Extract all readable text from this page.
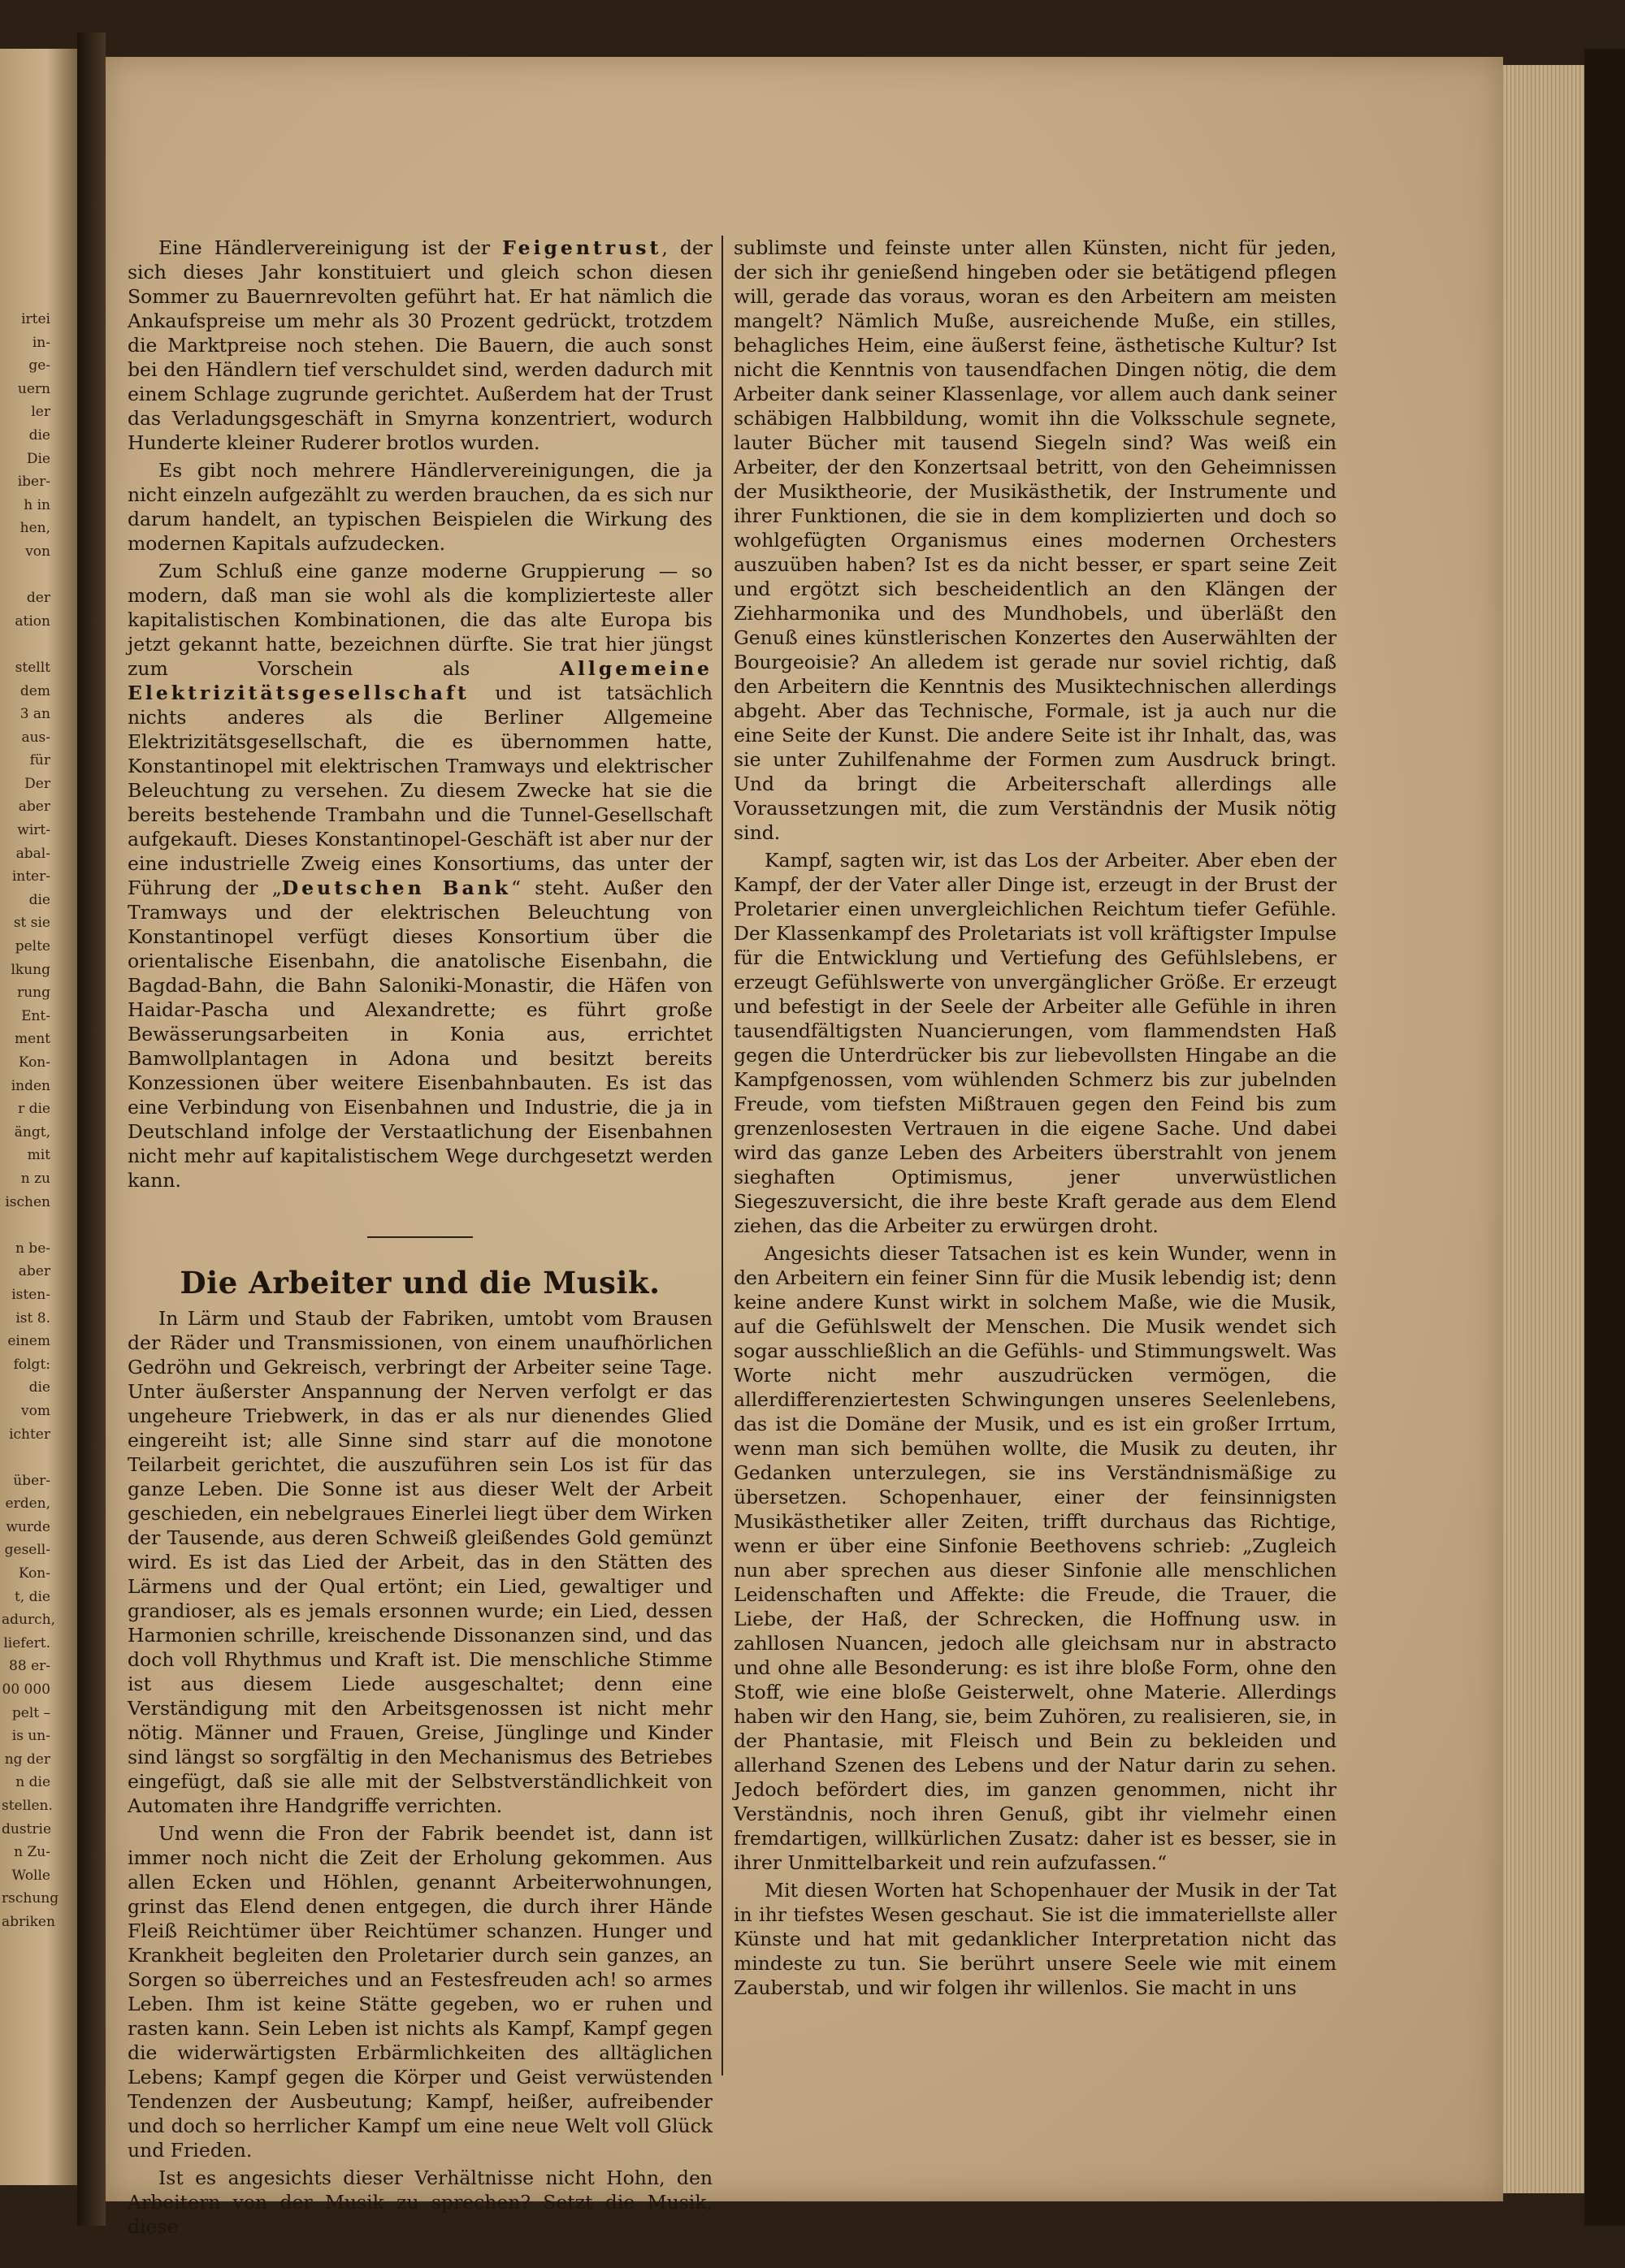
irtei
in-
ge-
uern
ler
die
Die
iber-
h in
hen,
von
der
ation
stellt
dem
3 an
aus-
für
Der
aber
wirt-
abal-
inter-
die
st sie
pelte
lkung
rung
Ent-
ment
Kon-
inden
r die
ängt,
mit
n zu
ischen
n be-
aber
isten-
ist 8.
einem
folgt:
die
vom
ichter
über-
erden,
wurde
gesell-
Kon-
t, die
adurch,
liefert.
88 er-
00 000
pelt –
is un-
ng der
n die
stellen.
dustrie
n Zu-
Wolle
rschung
abriken

Eine Händlervereinigung ist der Feigentrust, der sich dieses Jahr konstituiert und gleich schon diesen Sommer zu Bauernrevolten geführt hat. Er hat nämlich die Ankaufspreise um mehr als 30 Prozent gedrückt, trotzdem die Marktpreise noch stehen. Die Bauern, die auch sonst bei den Händlern tief verschuldet sind, werden dadurch mit einem Schlage zugrunde gerichtet. Außerdem hat der Trust das Verladungsgeschäft in Smyrna konzentriert, wodurch Hunderte kleiner Ruderer brotlos wurden.

Es gibt noch mehrere Händlervereinigungen, die ja nicht einzeln aufgezählt zu werden brauchen, da es sich nur darum handelt, an typischen Beispielen die Wirkung des modernen Kapitals aufzudecken.

Zum Schluß eine ganze moderne Gruppierung — so modern, daß man sie wohl als die komplizierteste aller kapitalistischen Kombinationen, die das alte Europa bis jetzt gekannt hatte, bezeichnen dürfte. Sie trat hier jüngst zum Vorschein als Allgemeine Elektrizitätsgesellschaft und ist tatsächlich nichts anderes als die Berliner Allgemeine Elektrizitätsgesellschaft, die es übernommen hatte, Konstantinopel mit elektrischen Tramways und elektrischer Beleuchtung zu versehen. Zu diesem Zwecke hat sie die bereits bestehende Trambahn und die Tunnel-Gesellschaft aufgekauft. Dieses Konstantinopel-Geschäft ist aber nur der eine industrielle Zweig eines Konsortiums, das unter der Führung der „Deutschen Bank“ steht. Außer den Tramways und der elektrischen Beleuchtung von Konstantinopel verfügt dieses Konsortium über die orientalische Eisenbahn, die anatolische Eisenbahn, die Bagdad-Bahn, die Bahn Saloniki-Monastir, die Häfen von Haidar-Pascha und Alexandrette; es führt große Bewässerungsarbeiten in Konia aus, errichtet Bamwollplantagen in Adona und besitzt bereits Konzessionen über weitere Eisenbahnbauten. Es ist das eine Verbindung von Eisenbahnen und Industrie, die ja in Deutschland infolge der Verstaatlichung der Eisenbahnen nicht mehr auf kapitalistischem Wege durchgesetzt werden kann.

Die Arbeiter und die Musik.

In Lärm und Staub der Fabriken, umtobt vom Brausen der Räder und Transmissionen, von einem unaufhörlichen Gedröhn und Gekreisch, verbringt der Arbeiter seine Tage. Unter äußerster Anspannung der Nerven verfolgt er das ungeheure Triebwerk, in das er als nur dienendes Glied eingereiht ist; alle Sinne sind starr auf die monotone Teilarbeit gerichtet, die auszuführen sein Los ist für das ganze Leben. Die Sonne ist aus dieser Welt der Arbeit geschieden, ein nebelgraues Einerlei liegt über dem Wirken der Tausende, aus deren Schweiß gleißendes Gold gemünzt wird. Es ist das Lied der Arbeit, das in den Stätten des Lärmens und der Qual ertönt; ein Lied, gewaltiger und grandioser, als es jemals ersonnen wurde; ein Lied, dessen Harmonien schrille, kreischende Dissonanzen sind, und das doch voll Rhythmus und Kraft ist. Die menschliche Stimme ist aus diesem Liede ausgeschaltet; denn eine Verständigung mit den Arbeitsgenossen ist nicht mehr nötig. Männer und Frauen, Greise, Jünglinge und Kinder sind längst so sorgfältig in den Mechanismus des Betriebes eingefügt, daß sie alle mit der Selbstverständlichkeit von Automaten ihre Handgriffe verrichten.

Und wenn die Fron der Fabrik beendet ist, dann ist immer noch nicht die Zeit der Erholung gekommen. Aus allen Ecken und Höhlen, genannt Arbeiterwohnungen, grinst das Elend denen entgegen, die durch ihrer Hände Fleiß Reichtümer über Reichtümer schanzen. Hunger und Krankheit begleiten den Proletarier durch sein ganzes, an Sorgen so überreiches und an Festesfreuden ach! so armes Leben. Ihm ist keine Stätte gegeben, wo er ruhen und rasten kann. Sein Leben ist nichts als Kampf, Kampf gegen die widerwärtigsten Erbärmlichkeiten des alltäglichen Lebens; Kampf gegen die Körper und Geist verwüstenden Tendenzen der Ausbeutung; Kampf, heißer, aufreibender und doch so herrlicher Kampf um eine neue Welt voll Glück und Frieden.

Ist es angesichts dieser Verhältnisse nicht Hohn, den Arbeitern von der Musik zu sprechen? Setzt die Musik, diese

sublimste und feinste unter allen Künsten, nicht für jeden, der sich ihr genießend hingeben oder sie betätigend pflegen will, gerade das voraus, woran es den Arbeitern am meisten mangelt? Nämlich Muße, ausreichende Muße, ein stilles, behagliches Heim, eine äußerst feine, ästhetische Kultur? Ist nicht die Kenntnis von tausendfachen Dingen nötig, die dem Arbeiter dank seiner Klassenlage, vor allem auch dank seiner schäbigen Halbbildung, womit ihn die Volksschule segnete, lauter Bücher mit tausend Siegeln sind? Was weiß ein Arbeiter, der den Konzertsaal betritt, von den Geheimnissen der Musiktheorie, der Musikästhetik, der Instrumente und ihrer Funktionen, die sie in dem komplizierten und doch so wohlgefügten Organismus eines modernen Orchesters auszuüben haben? Ist es da nicht besser, er spart seine Zeit und ergötzt sich bescheidentlich an den Klängen der Ziehharmonika und des Mundhobels, und überläßt den Genuß eines künstlerischen Konzertes den Auserwählten der Bourgeoisie? An alledem ist gerade nur soviel richtig, daß den Arbeitern die Kenntnis des Musiktechnischen allerdings abgeht. Aber das Technische, Formale, ist ja auch nur die eine Seite der Kunst. Die andere Seite ist ihr Inhalt, das, was sie unter Zuhilfenahme der Formen zum Ausdruck bringt. Und da bringt die Arbeiterschaft allerdings alle Voraussetzungen mit, die zum Verständnis der Musik nötig sind.

Kampf, sagten wir, ist das Los der Arbeiter. Aber eben der Kampf, der der Vater aller Dinge ist, erzeugt in der Brust der Proletarier einen unvergleichlichen Reichtum tiefer Gefühle. Der Klassenkampf des Proletariats ist voll kräftigster Impulse für die Entwicklung und Vertiefung des Gefühlslebens, er erzeugt Gefühlswerte von unvergänglicher Größe. Er erzeugt und befestigt in der Seele der Arbeiter alle Gefühle in ihren tausendfältigsten Nuancierungen, vom flammendsten Haß gegen die Unterdrücker bis zur liebevollsten Hingabe an die Kampfgenossen, vom wühlenden Schmerz bis zur jubelnden Freude, vom tiefsten Mißtrauen gegen den Feind bis zum grenzenlosesten Vertrauen in die eigene Sache. Und dabei wird das ganze Leben des Arbeiters überstrahlt von jenem sieghaften Optimismus, jener unverwüstlichen Siegeszuversicht, die ihre beste Kraft gerade aus dem Elend ziehen, das die Arbeiter zu erwürgen droht.

Angesichts dieser Tatsachen ist es kein Wunder, wenn in den Arbeitern ein feiner Sinn für die Musik lebendig ist; denn keine andere Kunst wirkt in solchem Maße, wie die Musik, auf die Gefühlswelt der Menschen. Die Musik wendet sich sogar ausschließlich an die Gefühls- und Stimmungswelt. Was Worte nicht mehr auszudrücken vermögen, die allerdifferenziertesten Schwingungen unseres Seelenlebens, das ist die Domäne der Musik, und es ist ein großer Irrtum, wenn man sich bemühen wollte, die Musik zu deuten, ihr Gedanken unterzulegen, sie ins Verständnismäßige zu übersetzen. Schopenhauer, einer der feinsinnigsten Musikästhetiker aller Zeiten, trifft durchaus das Richtige, wenn er über eine Sinfonie Beethovens schrieb: „Zugleich nun aber sprechen aus dieser Sinfonie alle menschlichen Leidenschaften und Affekte: die Freude, die Trauer, die Liebe, der Haß, der Schrecken, die Hoffnung usw. in zahllosen Nuancen, jedoch alle gleichsam nur in abstracto und ohne alle Besonderung: es ist ihre bloße Form, ohne den Stoff, wie eine bloße Geisterwelt, ohne Materie. Allerdings haben wir den Hang, sie, beim Zuhören, zu realisieren, sie, in der Phantasie, mit Fleisch und Bein zu bekleiden und allerhand Szenen des Lebens und der Natur darin zu sehen. Jedoch befördert dies, im ganzen genommen, nicht ihr Verständnis, noch ihren Genuß, gibt ihr vielmehr einen fremdartigen, willkürlichen Zusatz: daher ist es besser, sie in ihrer Unmittelbarkeit und rein aufzufassen.“

Mit diesen Worten hat Schopenhauer der Musik in der Tat in ihr tiefstes Wesen geschaut. Sie ist die immateriellste aller Künste und hat mit gedanklicher Interpretation nicht das mindeste zu tun. Sie berührt unsere Seele wie mit einem Zauberstab, und wir folgen ihr willenlos. Sie macht in uns
